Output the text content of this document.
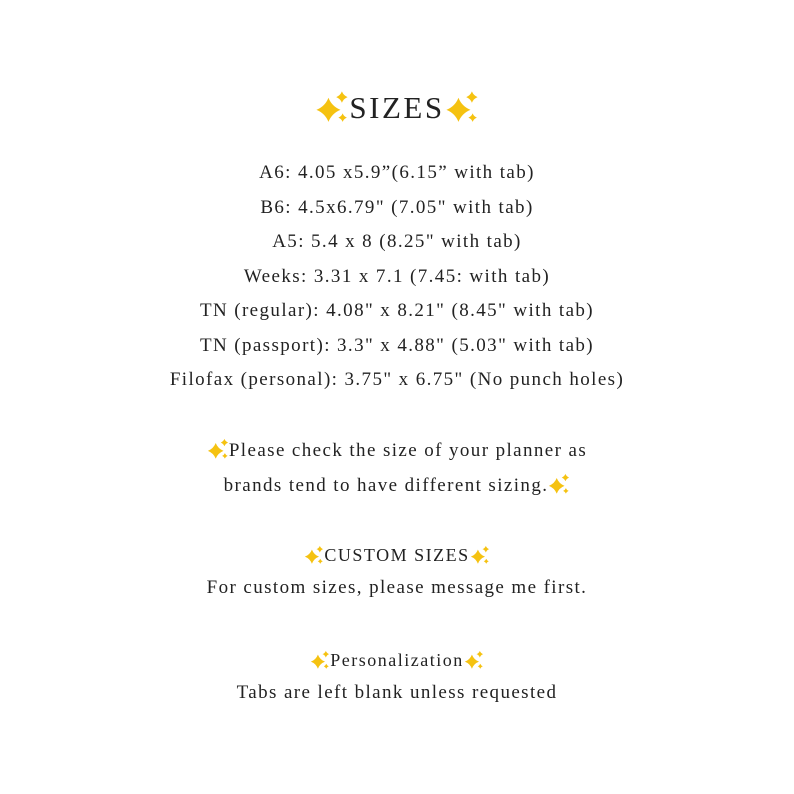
SIZES
A6: 4.05 x5.9”(6.15” with tab)
B6: 4.5x6.79" (7.05" with tab)
A5: 5.4 x 8 (8.25" with tab)
Weeks: 3.31 x 7.1 (7.45: with tab)
TN (regular): 4.08" x 8.21" (8.45" with tab)
TN (passport): 3.3" x 4.88" (5.03" with tab)
Filofax (personal): 3.75" x 6.75" (No punch holes)
Please check the size of your planner as
brands tend to have different sizing.
CUSTOM SIZES
For custom sizes, please message me first.
Personalization
Tabs are left blank unless requested
